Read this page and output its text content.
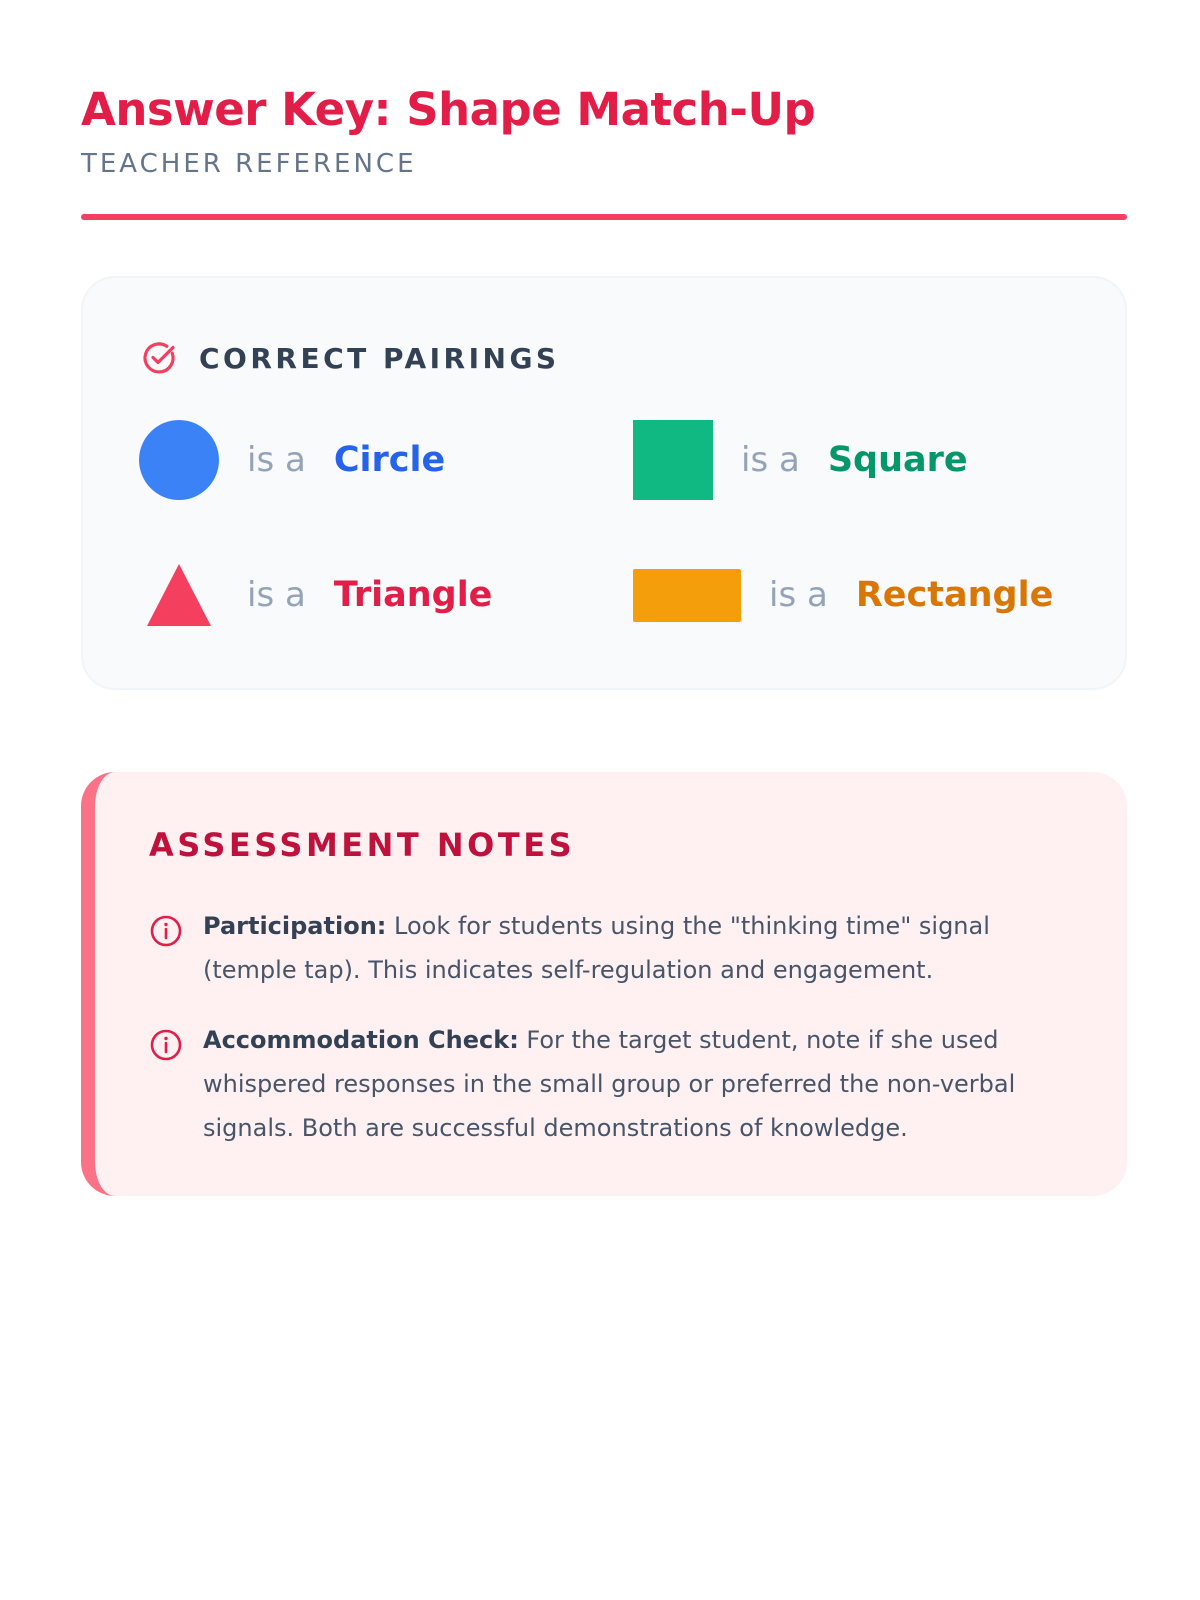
Answer Key: Shape Match-Up
TEACHER REFERENCE
CORRECT PAIRINGS
is a Circle	is a Square
is a Triangle	is a Rectangle
ASSESSMENT NOTES

Participation: Look for students using the "thinking time" signal (temple tap). This indicates self-regulation and engagement.

Accommodation Check: For the target student, note if she used whispered responses in the small group or preferred the non-verbal signals. Both are successful demonstrations of knowledge.
